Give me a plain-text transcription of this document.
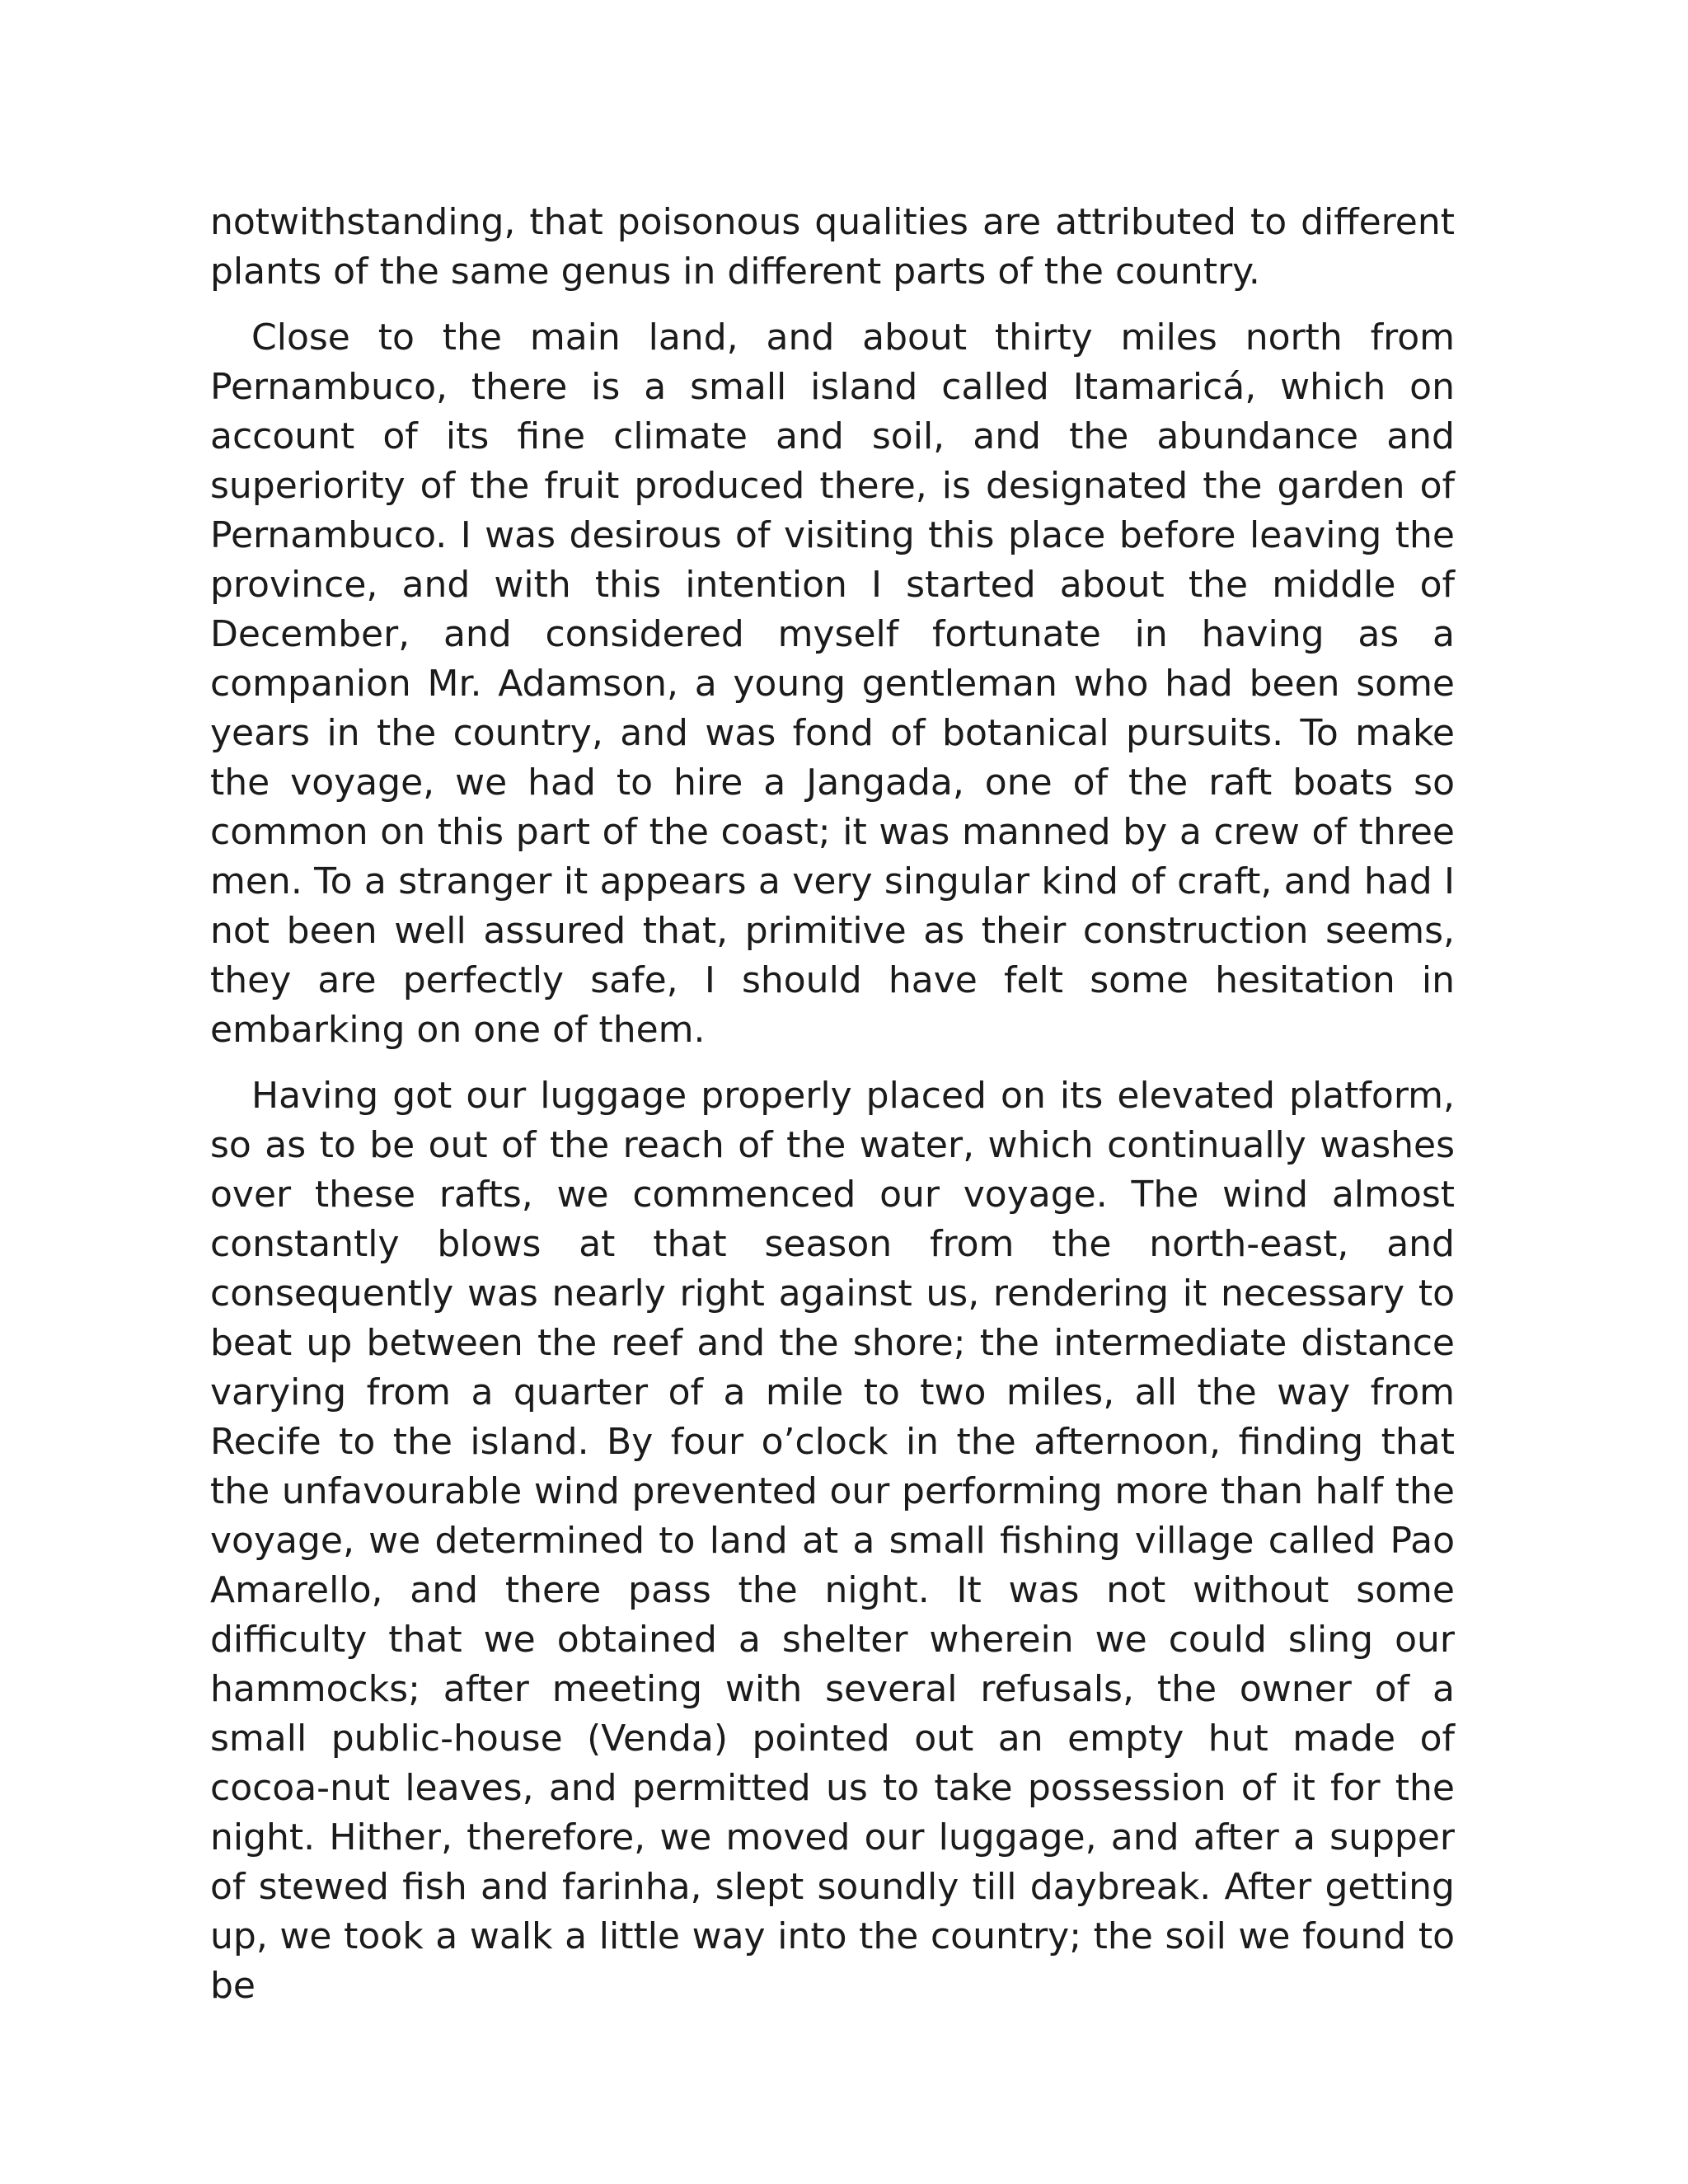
notwithstanding, that poisonous qualities are attributed to different plants of the same genus in different parts of the country.

Close to the main land, and about thirty miles north from Pernambuco, there is a small island called Itamaricá, which on account of its fine climate and soil, and the abundance and superiority of the fruit produced there, is designated the garden of Pernambuco. I was desirous of visiting this place before leaving the province, and with this intention I started about the middle of December, and considered myself fortunate in having as a companion Mr. Adamson, a young gentleman who had been some years in the country, and was fond of botanical pursuits. To make the voyage, we had to hire a Jangada, one of the raft boats so common on this part of the coast; it was manned by a crew of three men. To a stranger it appears a very singular kind of craft, and had I not been well assured that, primitive as their construction seems, they are perfectly safe, I should have felt some hesitation in embarking on one of them.

Having got our luggage properly placed on its elevated platform, so as to be out of the reach of the water, which continually washes over these rafts, we commenced our voyage. The wind almost constantly blows at that season from the north-east, and consequently was nearly right against us, rendering it necessary to beat up between the reef and the shore; the intermediate distance varying from a quarter of a mile to two miles, all the way from Recife to the island. By four o’clock in the afternoon, finding that the unfavourable wind prevented our performing more than half the voyage, we determined to land at a small fishing village called Pao Amarello, and there pass the night. It was not without some difficulty that we obtained a shelter wherein we could sling our hammocks; after meeting with several refusals, the owner of a small public-house (Venda) pointed out an empty hut made of cocoa-nut leaves, and permitted us to take possession of it for the night. Hither, therefore, we moved our luggage, and after a supper of stewed fish and farinha, slept soundly till daybreak. After getting up, we took a walk a little way into the country; the soil we found to be
